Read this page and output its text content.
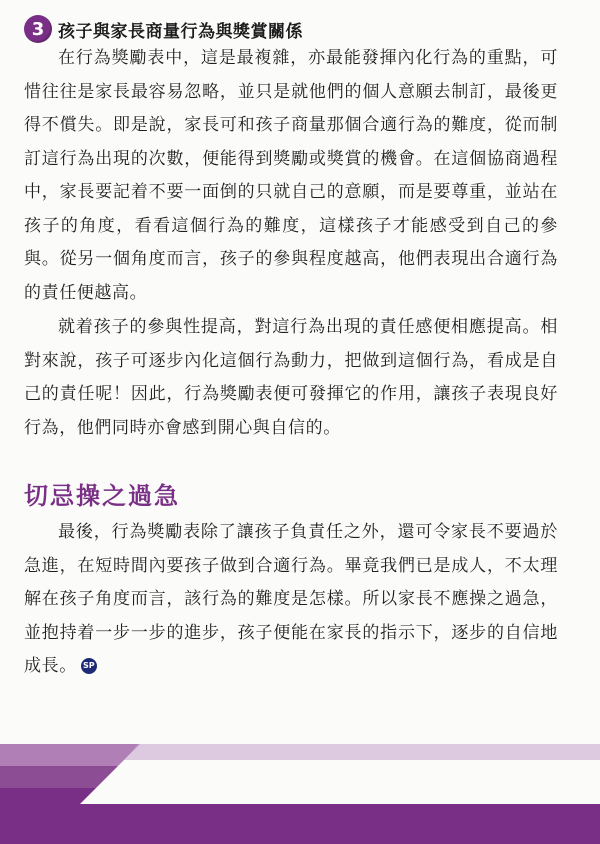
3 孩子與家長商量行為與獎賞關係

在行為獎勵表中，這是最複雜，亦最能發揮內化行為的重點，可惜往往是家長最容易忽略，並只是就他們的個人意願去制訂，最後更得不償失。即是說，家長可和孩子商量那個合適行為的難度，從而制訂這行為出現的次數，便能得到獎勵或獎賞的機會。在這個協商過程中，家長要記着不要一面倒的只就自己的意願，而是要尊重，並站在孩子的角度，看看這個行為的難度，這樣孩子才能感受到自己的參與。從另一個角度而言，孩子的參與程度越高，他們表現出合適行為的責任便越高。

就着孩子的參與性提高，對這行為出現的責任感便相應提高。相對來說，孩子可逐步內化這個行為動力，把做到這個行為，看成是自己的責任呢！因此，行為獎勵表便可發揮它的作用，讓孩子表現良好行為，他們同時亦會感到開心與自信的。

切忌操之過急

最後，行為獎勵表除了讓孩子負責任之外，還可令家長不要過於急進，在短時間內要孩子做到合適行為。畢竟我們已是成人，不太理解在孩子角度而言，該行為的難度是怎樣。所以家長不應操之過急，並抱持着一步一步的進步，孩子便能在家長的指示下，逐步的自信地成長。 SP
